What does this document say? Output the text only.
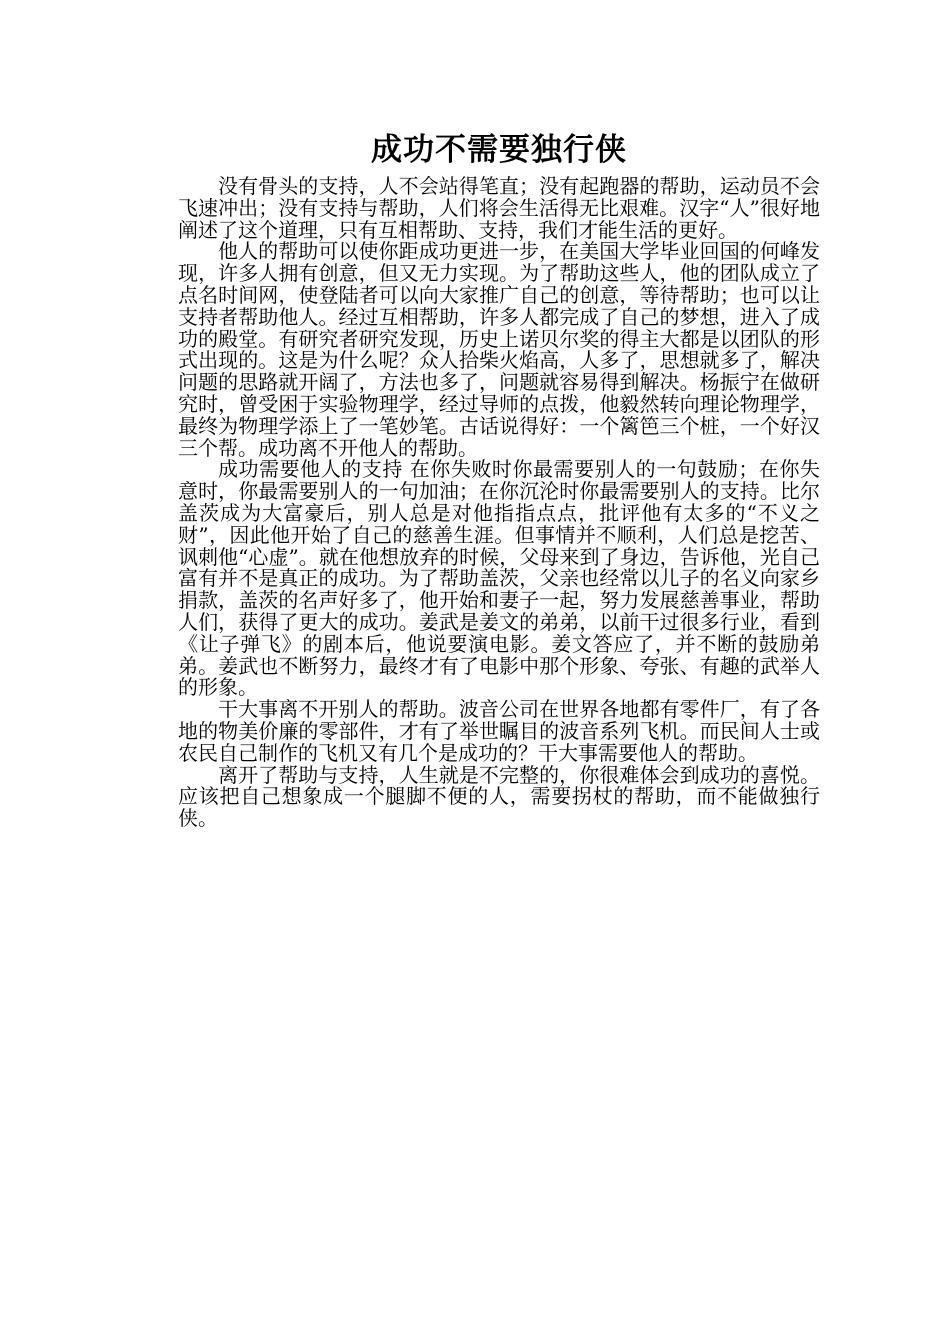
成功不需要独行侠

没有骨头的支持，人不会站得笔直；没有起跑器的帮助，运动员不会飞速冲出；没有支持与帮助，人们将会生活得无比艰难。汉字“人”很好地阐述了这个道理，只有互相帮助、支持，我们才能生活的更好。

他人的帮助可以使你距成功更进一步，在美国大学毕业回国的何峰发现，许多人拥有创意，但又无力实现。为了帮助这些人，他的团队成立了点名时间网，使登陆者可以向大家推广自己的创意，等待帮助；也可以让支持者帮助他人。经过互相帮助，许多人都完成了自己的梦想，进入了成功的殿堂。有研究者研究发现，历史上诺贝尔奖的得主大都是以团队的形式出现的。这是为什么呢？众人拾柴火焰高，人多了，思想就多了，解决问题的思路就开阔了，方法也多了，问题就容易得到解决。杨振宁在做研究时，曾受困于实验物理学，经过导师的点拨，他毅然转向理论物理学，最终为物理学添上了一笔妙笔。古话说得好：一个篱笆三个桩，一个好汉三个帮。成功离不开他人的帮助。

成功需要他人的支持 在你失败时你最需要别人的一句鼓励；在你失意时，你最需要别人的一句加油；在你沉沦时你最需要别人的支持。比尔盖茨成为大富豪后，别人总是对他指指点点，批评他有太多的“不义之财”，因此他开始了自己的慈善生涯。但事情并不顺利，人们总是挖苦、讽刺他“心虚”。就在他想放弃的时候，父母来到了身边，告诉他，光自己富有并不是真正的成功。为了帮助盖茨，父亲也经常以儿子的名义向家乡捐款，盖茨的名声好多了，他开始和妻子一起，努力发展慈善事业，帮助人们，获得了更大的成功。姜武是姜文的弟弟，以前干过很多行业，看到《让子弹飞》的剧本后，他说要演电影。姜文答应了，并不断的鼓励弟弟。姜武也不断努力，最终才有了电影中那个形象、夸张、有趣的武举人的形象。

干大事离不开别人的帮助。波音公司在世界各地都有零件厂，有了各地的物美价廉的零部件，才有了举世瞩目的波音系列飞机。而民间人士或农民自己制作的飞机又有几个是成功的？干大事需要他人的帮助。

离开了帮助与支持，人生就是不完整的，你很难体会到成功的喜悦。应该把自己想象成一个腿脚不便的人，需要拐杖的帮助，而不能做独行侠。
